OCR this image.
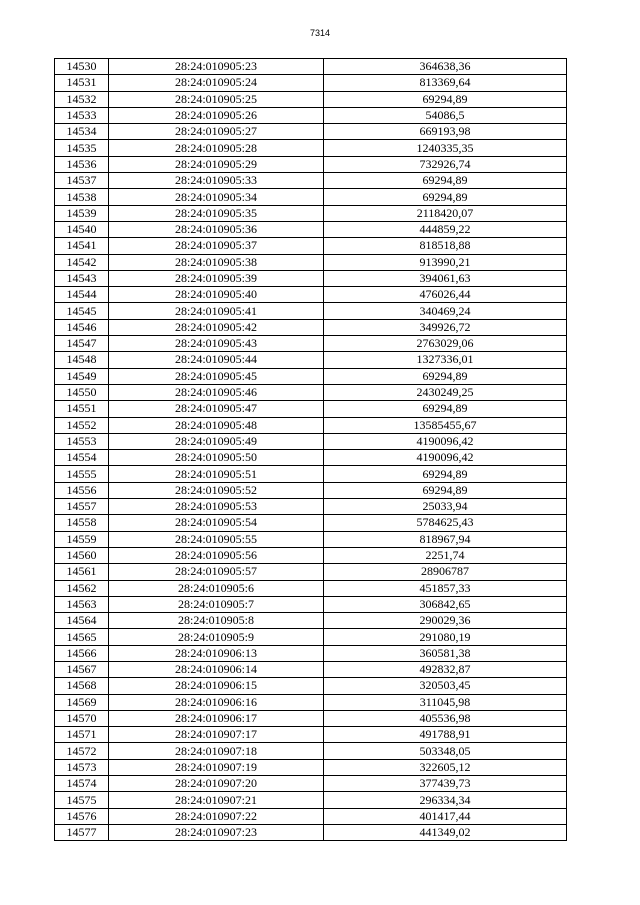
7314
14530	28:24:010905:23	364638,36
14531	28:24:010905:24	813369,64
14532	28:24:010905:25	69294,89
14533	28:24:010905:26	54086,5
14534	28:24:010905:27	669193,98
14535	28:24:010905:28	1240335,35
14536	28:24:010905:29	732926,74
14537	28:24:010905:33	69294,89
14538	28:24:010905:34	69294,89
14539	28:24:010905:35	2118420,07
14540	28:24:010905:36	444859,22
14541	28:24:010905:37	818518,88
14542	28:24:010905:38	913990,21
14543	28:24:010905:39	394061,63
14544	28:24:010905:40	476026,44
14545	28:24:010905:41	340469,24
14546	28:24:010905:42	349926,72
14547	28:24:010905:43	2763029,06
14548	28:24:010905:44	1327336,01
14549	28:24:010905:45	69294,89
14550	28:24:010905:46	2430249,25
14551	28:24:010905:47	69294,89
14552	28:24:010905:48	13585455,67
14553	28:24:010905:49	4190096,42
14554	28:24:010905:50	4190096,42
14555	28:24:010905:51	69294,89
14556	28:24:010905:52	69294,89
14557	28:24:010905:53	25033,94
14558	28:24:010905:54	5784625,43
14559	28:24:010905:55	818967,94
14560	28:24:010905:56	2251,74
14561	28:24:010905:57	28906787
14562	28:24:010905:6	451857,33
14563	28:24:010905:7	306842,65
14564	28:24:010905:8	290029,36
14565	28:24:010905:9	291080,19
14566	28:24:010906:13	360581,38
14567	28:24:010906:14	492832,87
14568	28:24:010906:15	320503,45
14569	28:24:010906:16	311045,98
14570	28:24:010906:17	405536,98
14571	28:24:010907:17	491788,91
14572	28:24:010907:18	503348,05
14573	28:24:010907:19	322605,12
14574	28:24:010907:20	377439,73
14575	28:24:010907:21	296334,34
14576	28:24:010907:22	401417,44
14577	28:24:010907:23	441349,02
